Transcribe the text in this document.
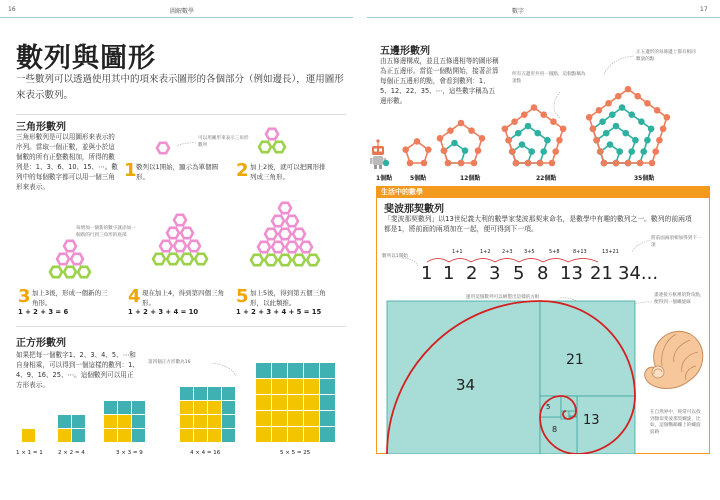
16	圖解數學	數字	17
數列與圖形
一些數列可以透過使用其中的項來表示圖形的各個部分（例如邊長），運用圖形來表示數列。
三角形數列
三角形數列是可以用圖形來表示的序列。當取一個正數，並與小於這個數的所有正整數相加，所得的數列是：1、3、6、10、15、⋯。數列中的每個數字都可以用一個三角形來表示。
可以用圖形來表示三角形數列
每增加一個新的數字就添加一個新的行到三角形的底部
1 數列以1開始，顯示為單個圓形。	2 加上2後，就可以把圓形排列成三角形。
3 加上3後，形成一個新的三角形。
1 + 2 + 3 = 6
4 現在加上4，得到第四個三角形。
1 + 2 + 3 + 4 = 10
5 加上5後，得到第五個三角形，以此類推。
1 + 2 + 3 + 4 + 5 = 15
正方形數列
如果把每一個數字1、2、3、4、5、⋯和自身相乘，可以得到一個這樣的數列：1、4、9、16、25、⋯。這個數列可以用正方形表示。
第四個正方形數為16
1 × 1 = 1	2 × 2 = 4	3 × 3 = 9	4 × 4 = 16	5 × 5 = 25
五邊形數列
由五條邊構成，並且五條邊相等的圖形稱為正五邊形。當從一個點開始，接著計算每個正五邊形的點，會看到數列：1、5、12、22、35、⋯，這些數字稱為五邊形數。
正五邊形的每條邊上都有相同數量的點
所有五邊形共用一個點，這個點稱為頂點
1個點	5個點	12個點	22個點	35個點
生活中的數學
斐波那契數列
「斐波那契數列」以13世紀義大利的數學家斐波那契來命名，是數學中有趣的數列之一。數列的前兩項都是1，將前面的兩項加在一起，便可得到下一項。
數列以1開始
將前面兩項相加得到下一項
運用這個數列可以繪製出這樣的方框	畫連接方框裡的對角點，便得到一個螺旋線
在自然界中，經常可以找到類似斐波那契螺旋，比如，這個鸚鵡螺上的螺旋紋路
1+1	1+2 2+3 3+5	5+8	8+13	13+21
1 1 2 3 5 8 13 21 34...
34
21
13
8
5
